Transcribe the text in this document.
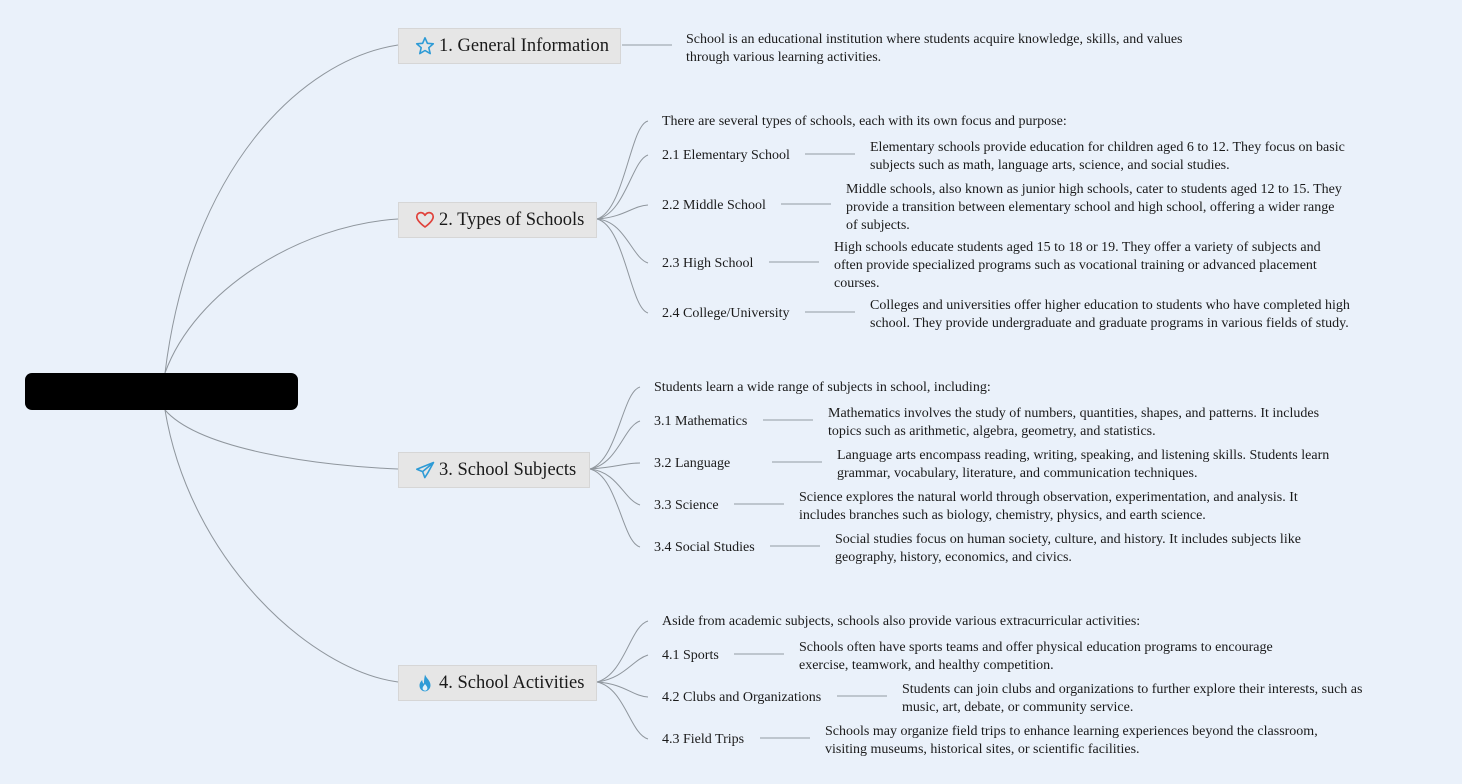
1. General Information	School is an educational institution where students acquire knowledge, skills, and values through various learning activities.
2. Types of Schools
There are several types of schools, each with its own focus and purpose:
2.1 Elementary School
Elementary schools provide education for children aged 6 to 12. They focus on basic subjects such as math, language arts, science, and social studies.
2.2 Middle School
Middle schools, also known as junior high schools, cater to students aged 12 to 15. They provide a transition between elementary school and high school, offering a wider range of subjects.
2.3 High School
High schools educate students aged 15 to 18 or 19. They offer a variety of subjects and often provide specialized programs such as vocational training or advanced placement courses.
2.4 College/University
Colleges and universities offer higher education to students who have completed high school. They provide undergraduate and graduate programs in various fields of study.
3. School Subjects
Students learn a wide range of subjects in school, including:
3.1 Mathematics
Mathematics involves the study of numbers, quantities, shapes, and patterns. It includes topics such as arithmetic, algebra, geometry, and statistics.
3.2 Language
Language arts encompass reading, writing, speaking, and listening skills. Students learn grammar, vocabulary, literature, and communication techniques.
3.3 Science
Science explores the natural world through observation, experimentation, and analysis. It includes branches such as biology, chemistry, physics, and earth science.
3.4 Social Studies
Social studies focus on human society, culture, and history. It includes subjects like geography, history, economics, and civics.
4. School Activities
Aside from academic subjects, schools also provide various extracurricular activities:
4.1 Sports
Schools often have sports teams and offer physical education programs to encourage exercise, teamwork, and healthy competition.
4.2 Clubs and Organizations
Students can join clubs and organizations to further explore their interests, such as music, art, debate, or community service.
4.3 Field Trips
Schools may organize field trips to enhance learning experiences beyond the classroom, visiting museums, historical sites, or scientific facilities.
